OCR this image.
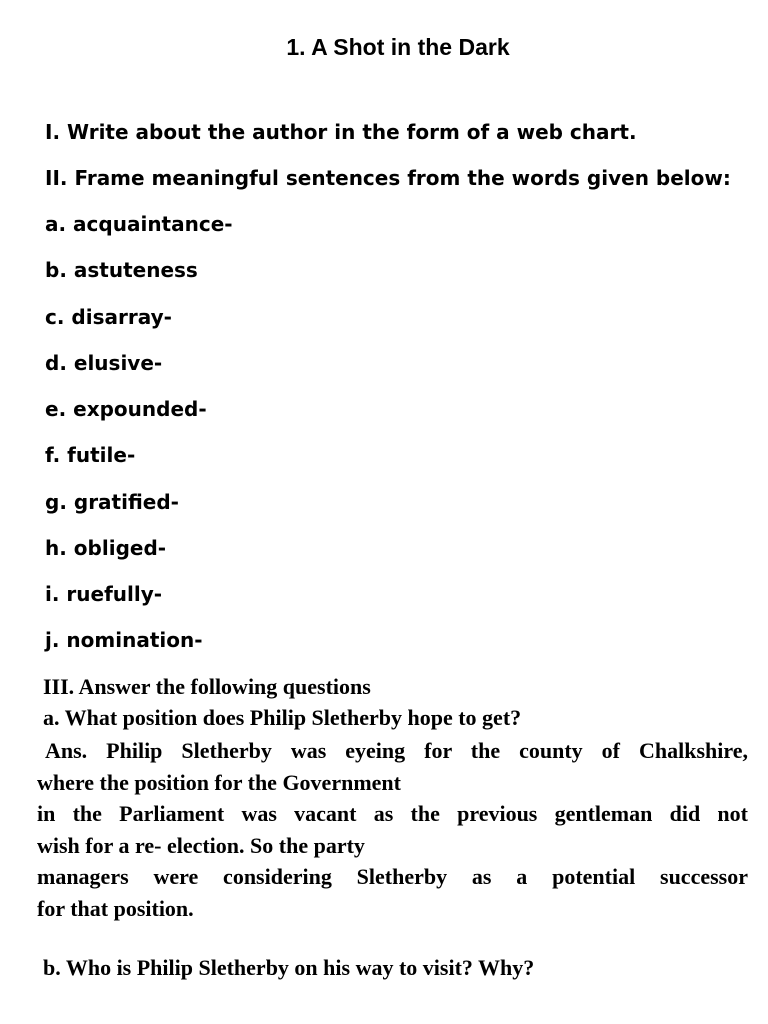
1. A Shot in the Dark
I. Write about the author in the form of a web chart.
II. Frame meaningful sentences from the words given below:
a. acquaintance-
b. astuteness
c. disarray-
d. elusive-
e. expounded-
f. futile-
g. gratified-
h. obliged-
i. ruefully-
j. nomination-
III. Answer the following questions
a. What position does Philip Sletherby hope to get?
Ans. Philip Sletherby was eyeing for the county of Chalkshire,
where the position for the Government
in the Parliament was vacant as the previous gentleman did not
wish for a re- election. So the party
managers were considering Sletherby as a potential successor
for that position.
b. Who is Philip Sletherby on his way to visit? Why?
